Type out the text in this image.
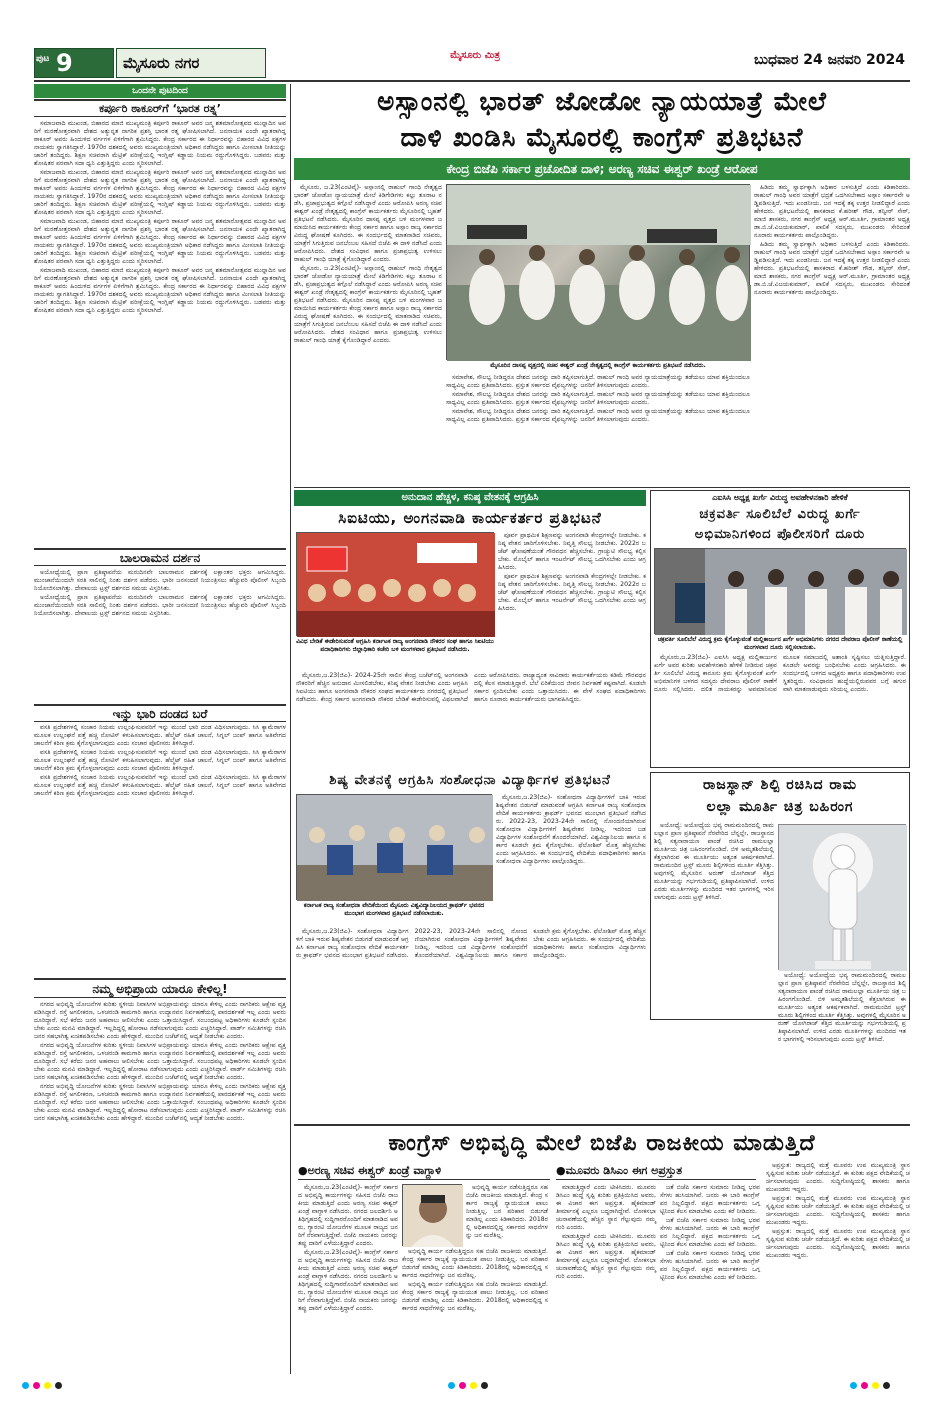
ಪುಟ 9	ಮೈಸೂರು ನಗರ	ಮೈಸೂರು ಮಿತ್ರ	ಬುಧವಾರ 24 ಜನವರಿ 2024
ಒಂದನೇ ಪುಟದಿಂದ
ಕರ್ಪೂರಿ ಠಾಕೂರ್‌ಗೆ ‘ಭಾರತ ರತ್ನ’

ಸಮಾಜವಾದಿ ಮುಖಂಡ, ಬಿಹಾರದ ಮಾಜಿ ಮುಖ್ಯಮಂತ್ರಿ ಕರ್ಪೂರಿ ಠಾಕೂರ್ ಅವರ ಜನ್ಮ ಶತಮಾನೋತ್ಸವದ ಮುನ್ನಾದಿನ ಅವರಿಗೆ ಮರಣೋತ್ತರವಾಗಿ ದೇಶದ ಅತ್ಯುನ್ನತ ನಾಗರಿಕ ಪ್ರಶಸ್ತಿ ಭಾರತ ರತ್ನ ಘೋಷಿಸಲಾಗಿದೆ. ಜನನಾಯಕ ಎಂದೇ ಖ್ಯಾತರಾಗಿದ್ದ ಠಾಕೂರ್ ಅವರು ಹಿಂದುಳಿದ ವರ್ಗಗಳ ಏಳಿಗೆಗಾಗಿ ಶ್ರಮಿಸಿದ್ದರು. ಕೇಂದ್ರ ಸರ್ಕಾರದ ಈ ನಿರ್ಧಾರವನ್ನು ಬಿಹಾರದ ವಿವಿಧ ಪಕ್ಷಗಳ ನಾಯಕರು ಸ್ವಾಗತಿಸಿದ್ದಾರೆ. 1970ರ ದಶಕದಲ್ಲಿ ಅವರು ಮುಖ್ಯಮಂತ್ರಿಯಾಗಿ ಅಧಿಕಾರ ನಡೆಸಿದ್ದರು ಹಾಗೂ ಮೀಸಲಾತಿ ನೀತಿಯನ್ನು ಜಾರಿಗೆ ತಂದಿದ್ದರು. ಶಿಕ್ಷಣ ಸಚಿವರಾಗಿ ಮೆಟ್ರಿಕ್ ಪರೀಕ್ಷೆಯಲ್ಲಿ ಇಂಗ್ಲಿಷ್ ಕಡ್ಡಾಯ ನಿಯಮ ರದ್ದುಗೊಳಿಸಿದ್ದರು. ಬಡವರು ಮತ್ತು ಶೋಷಿತರ ಪರವಾಗಿ ಸದಾ ಧ್ವನಿ ಎತ್ತುತ್ತಿದ್ದರು ಎಂದು ಸ್ಮರಿಸಲಾಗಿದೆ.

ಸಮಾಜವಾದಿ ಮುಖಂಡ, ಬಿಹಾರದ ಮಾಜಿ ಮುಖ್ಯಮಂತ್ರಿ ಕರ್ಪೂರಿ ಠಾಕೂರ್ ಅವರ ಜನ್ಮ ಶತಮಾನೋತ್ಸವದ ಮುನ್ನಾದಿನ ಅವರಿಗೆ ಮರಣೋತ್ತರವಾಗಿ ದೇಶದ ಅತ್ಯುನ್ನತ ನಾಗರಿಕ ಪ್ರಶಸ್ತಿ ಭಾರತ ರತ್ನ ಘೋಷಿಸಲಾಗಿದೆ. ಜನನಾಯಕ ಎಂದೇ ಖ್ಯಾತರಾಗಿದ್ದ ಠಾಕೂರ್ ಅವರು ಹಿಂದುಳಿದ ವರ್ಗಗಳ ಏಳಿಗೆಗಾಗಿ ಶ್ರಮಿಸಿದ್ದರು. ಕೇಂದ್ರ ಸರ್ಕಾರದ ಈ ನಿರ್ಧಾರವನ್ನು ಬಿಹಾರದ ವಿವಿಧ ಪಕ್ಷಗಳ ನಾಯಕರು ಸ್ವಾಗತಿಸಿದ್ದಾರೆ. 1970ರ ದಶಕದಲ್ಲಿ ಅವರು ಮುಖ್ಯಮಂತ್ರಿಯಾಗಿ ಅಧಿಕಾರ ನಡೆಸಿದ್ದರು ಹಾಗೂ ಮೀಸಲಾತಿ ನೀತಿಯನ್ನು ಜಾರಿಗೆ ತಂದಿದ್ದರು. ಶಿಕ್ಷಣ ಸಚಿವರಾಗಿ ಮೆಟ್ರಿಕ್ ಪರೀಕ್ಷೆಯಲ್ಲಿ ಇಂಗ್ಲಿಷ್ ಕಡ್ಡಾಯ ನಿಯಮ ರದ್ದುಗೊಳಿಸಿದ್ದರು. ಬಡವರು ಮತ್ತು ಶೋಷಿತರ ಪರವಾಗಿ ಸದಾ ಧ್ವನಿ ಎತ್ತುತ್ತಿದ್ದರು ಎಂದು ಸ್ಮರಿಸಲಾಗಿದೆ.

ಸಮಾಜವಾದಿ ಮುಖಂಡ, ಬಿಹಾರದ ಮಾಜಿ ಮುಖ್ಯಮಂತ್ರಿ ಕರ್ಪೂರಿ ಠಾಕೂರ್ ಅವರ ಜನ್ಮ ಶತಮಾನೋತ್ಸವದ ಮುನ್ನಾದಿನ ಅವರಿಗೆ ಮರಣೋತ್ತರವಾಗಿ ದೇಶದ ಅತ್ಯುನ್ನತ ನಾಗರಿಕ ಪ್ರಶಸ್ತಿ ಭಾರತ ರತ್ನ ಘೋಷಿಸಲಾಗಿದೆ. ಜನನಾಯಕ ಎಂದೇ ಖ್ಯಾತರಾಗಿದ್ದ ಠಾಕೂರ್ ಅವರು ಹಿಂದುಳಿದ ವರ್ಗಗಳ ಏಳಿಗೆಗಾಗಿ ಶ್ರಮಿಸಿದ್ದರು. ಕೇಂದ್ರ ಸರ್ಕಾರದ ಈ ನಿರ್ಧಾರವನ್ನು ಬಿಹಾರದ ವಿವಿಧ ಪಕ್ಷಗಳ ನಾಯಕರು ಸ್ವಾಗತಿಸಿದ್ದಾರೆ. 1970ರ ದಶಕದಲ್ಲಿ ಅವರು ಮುಖ್ಯಮಂತ್ರಿಯಾಗಿ ಅಧಿಕಾರ ನಡೆಸಿದ್ದರು ಹಾಗೂ ಮೀಸಲಾತಿ ನೀತಿಯನ್ನು ಜಾರಿಗೆ ತಂದಿದ್ದರು. ಶಿಕ್ಷಣ ಸಚಿವರಾಗಿ ಮೆಟ್ರಿಕ್ ಪರೀಕ್ಷೆಯಲ್ಲಿ ಇಂಗ್ಲಿಷ್ ಕಡ್ಡಾಯ ನಿಯಮ ರದ್ದುಗೊಳಿಸಿದ್ದರು. ಬಡವರು ಮತ್ತು ಶೋಷಿತರ ಪರವಾಗಿ ಸದಾ ಧ್ವನಿ ಎತ್ತುತ್ತಿದ್ದರು ಎಂದು ಸ್ಮರಿಸಲಾಗಿದೆ.

ಸಮಾಜವಾದಿ ಮುಖಂಡ, ಬಿಹಾರದ ಮಾಜಿ ಮುಖ್ಯಮಂತ್ರಿ ಕರ್ಪೂರಿ ಠಾಕೂರ್ ಅವರ ಜನ್ಮ ಶತಮಾನೋತ್ಸವದ ಮುನ್ನಾದಿನ ಅವರಿಗೆ ಮರಣೋತ್ತರವಾಗಿ ದೇಶದ ಅತ್ಯುನ್ನತ ನಾಗರಿಕ ಪ್ರಶಸ್ತಿ ಭಾರತ ರತ್ನ ಘೋಷಿಸಲಾಗಿದೆ. ಜನನಾಯಕ ಎಂದೇ ಖ್ಯಾತರಾಗಿದ್ದ ಠಾಕೂರ್ ಅವರು ಹಿಂದುಳಿದ ವರ್ಗಗಳ ಏಳಿಗೆಗಾಗಿ ಶ್ರಮಿಸಿದ್ದರು. ಕೇಂದ್ರ ಸರ್ಕಾರದ ಈ ನಿರ್ಧಾರವನ್ನು ಬಿಹಾರದ ವಿವಿಧ ಪಕ್ಷಗಳ ನಾಯಕರು ಸ್ವಾಗತಿಸಿದ್ದಾರೆ. 1970ರ ದಶಕದಲ್ಲಿ ಅವರು ಮುಖ್ಯಮಂತ್ರಿಯಾಗಿ ಅಧಿಕಾರ ನಡೆಸಿದ್ದರು ಹಾಗೂ ಮೀಸಲಾತಿ ನೀತಿಯನ್ನು ಜಾರಿಗೆ ತಂದಿದ್ದರು. ಶಿಕ್ಷಣ ಸಚಿವರಾಗಿ ಮೆಟ್ರಿಕ್ ಪರೀಕ್ಷೆಯಲ್ಲಿ ಇಂಗ್ಲಿಷ್ ಕಡ್ಡಾಯ ನಿಯಮ ರದ್ದುಗೊಳಿಸಿದ್ದರು. ಬಡವರು ಮತ್ತು ಶೋಷಿತರ ಪರವಾಗಿ ಸದಾ ಧ್ವನಿ ಎತ್ತುತ್ತಿದ್ದರು ಎಂದು ಸ್ಮರಿಸಲಾಗಿದೆ.

ಬಾಲರಾಮನ ದರ್ಶನ

ಅಯೋಧ್ಯೆಯಲ್ಲಿ ಪ್ರಾಣ ಪ್ರತಿಷ್ಠಾಪನೆಯ ಮರುದಿನವೇ ಬಾಲರಾಮನ ದರ್ಶನಕ್ಕೆ ಲಕ್ಷಾಂತರ ಭಕ್ತರು ಆಗಮಿಸಿದ್ದರು. ಮುಂಜಾನೆಯಿಂದಲೇ ಸರತಿ ಸಾಲಿನಲ್ಲಿ ನಿಂತು ದರ್ಶನ ಪಡೆದರು. ಭಾರೀ ಜನಸಂದಣಿ ನಿಯಂತ್ರಿಸಲು ಹೆಚ್ಚುವರಿ ಪೊಲೀಸ್ ಸಿಬ್ಬಂದಿ ನಿಯೋಜಿಸಲಾಗಿತ್ತು. ದೇವಾಲಯ ಟ್ರಸ್ಟ್ ದರ್ಶನದ ಸಮಯ ವಿಸ್ತರಿಸಿತು.

ಅಯೋಧ್ಯೆಯಲ್ಲಿ ಪ್ರಾಣ ಪ್ರತಿಷ್ಠಾಪನೆಯ ಮರುದಿನವೇ ಬಾಲರಾಮನ ದರ್ಶನಕ್ಕೆ ಲಕ್ಷಾಂತರ ಭಕ್ತರು ಆಗಮಿಸಿದ್ದರು. ಮುಂಜಾನೆಯಿಂದಲೇ ಸರತಿ ಸಾಲಿನಲ್ಲಿ ನಿಂತು ದರ್ಶನ ಪಡೆದರು. ಭಾರೀ ಜನಸಂದಣಿ ನಿಯಂತ್ರಿಸಲು ಹೆಚ್ಚುವರಿ ಪೊಲೀಸ್ ಸಿಬ್ಬಂದಿ ನಿಯೋಜಿಸಲಾಗಿತ್ತು. ದೇವಾಲಯ ಟ್ರಸ್ಟ್ ದರ್ಶನದ ಸಮಯ ವಿಸ್ತರಿಸಿತು.

ಇನ್ನು ಭಾರಿ ದಂಡದ ಬರೆ

ವಸತಿ ಪ್ರದೇಶಗಳಲ್ಲಿ ಸಂಚಾರ ನಿಯಮ ಉಲ್ಲಂಘಿಸುವವರಿಗೆ ಇನ್ನು ಮುಂದೆ ಭಾರಿ ದಂಡ ವಿಧಿಸಲಾಗುವುದು. ಸಿಸಿ ಕ್ಯಾಮೆರಾಗಳ ಮೂಲಕ ಉಲ್ಲಂಘನೆ ಪತ್ತೆ ಹಚ್ಚಿ ನೋಟಿಸ್ ಕಳುಹಿಸಲಾಗುವುದು. ಹೆಲ್ಮೆಟ್ ರಹಿತ ಚಾಲನೆ, ಸಿಗ್ನಲ್ ಜಂಪ್ ಹಾಗೂ ಅತಿವೇಗದ ಚಾಲನೆಗೆ ಕಠಿಣ ಕ್ರಮ ಕೈಗೊಳ್ಳಲಾಗುವುದು ಎಂದು ಸಂಚಾರ ಪೊಲೀಸರು ತಿಳಿಸಿದ್ದಾರೆ.

ವಸತಿ ಪ್ರದೇಶಗಳಲ್ಲಿ ಸಂಚಾರ ನಿಯಮ ಉಲ್ಲಂಘಿಸುವವರಿಗೆ ಇನ್ನು ಮುಂದೆ ಭಾರಿ ದಂಡ ವಿಧಿಸಲಾಗುವುದು. ಸಿಸಿ ಕ್ಯಾಮೆರಾಗಳ ಮೂಲಕ ಉಲ್ಲಂಘನೆ ಪತ್ತೆ ಹಚ್ಚಿ ನೋಟಿಸ್ ಕಳುಹಿಸಲಾಗುವುದು. ಹೆಲ್ಮೆಟ್ ರಹಿತ ಚಾಲನೆ, ಸಿಗ್ನಲ್ ಜಂಪ್ ಹಾಗೂ ಅತಿವೇಗದ ಚಾಲನೆಗೆ ಕಠಿಣ ಕ್ರಮ ಕೈಗೊಳ್ಳಲಾಗುವುದು ಎಂದು ಸಂಚಾರ ಪೊಲೀಸರು ತಿಳಿಸಿದ್ದಾರೆ.

ವಸತಿ ಪ್ರದೇಶಗಳಲ್ಲಿ ಸಂಚಾರ ನಿಯಮ ಉಲ್ಲಂಘಿಸುವವರಿಗೆ ಇನ್ನು ಮುಂದೆ ಭಾರಿ ದಂಡ ವಿಧಿಸಲಾಗುವುದು. ಸಿಸಿ ಕ್ಯಾಮೆರಾಗಳ ಮೂಲಕ ಉಲ್ಲಂಘನೆ ಪತ್ತೆ ಹಚ್ಚಿ ನೋಟಿಸ್ ಕಳುಹಿಸಲಾಗುವುದು. ಹೆಲ್ಮೆಟ್ ರಹಿತ ಚಾಲನೆ, ಸಿಗ್ನಲ್ ಜಂಪ್ ಹಾಗೂ ಅತಿವೇಗದ ಚಾಲನೆಗೆ ಕಠಿಣ ಕ್ರಮ ಕೈಗೊಳ್ಳಲಾಗುವುದು ಎಂದು ಸಂಚಾರ ಪೊಲೀಸರು ತಿಳಿಸಿದ್ದಾರೆ.

ನಮ್ಮ ಅಭಿಪ್ರಾಯ ಯಾರೂ ಕೇಳಿಲ್ಲ!

ನಗರದ ಅಭಿವೃದ್ಧಿ ಯೋಜನೆಗಳ ಕುರಿತು ಸ್ಥಳೀಯ ನಿವಾಸಿಗಳ ಅಭಿಪ್ರಾಯವನ್ನು ಯಾರೂ ಕೇಳಿಲ್ಲ ಎಂದು ನಾಗರಿಕರು ಆಕ್ಷೇಪ ವ್ಯಕ್ತಪಡಿಸಿದ್ದಾರೆ. ರಸ್ತೆ ಅಗಲೀಕರಣ, ಒಳಚರಂಡಿ ಕಾಮಗಾರಿ ಹಾಗೂ ಉದ್ಯಾನವನ ನಿರ್ವಹಣೆಯಲ್ಲಿ ಪಾರದರ್ಶಕತೆ ಇಲ್ಲ ಎಂದು ಅವರು ದೂರಿದ್ದಾರೆ. ಸಭೆ ಕರೆದು ಜನರ ಅಹವಾಲು ಆಲಿಸಬೇಕು ಎಂದು ಒತ್ತಾಯಿಸಿದ್ದಾರೆ. ಸಂಬಂಧಪಟ್ಟ ಅಧಿಕಾರಿಗಳು ಕೂಡಲೇ ಸ್ಪಂದಿಸಬೇಕು ಎಂದು ಮನವಿ ಮಾಡಿದ್ದಾರೆ. ಇಲ್ಲದಿದ್ದಲ್ಲಿ ಹೋರಾಟ ನಡೆಸಲಾಗುವುದು ಎಂದು ಎಚ್ಚರಿಸಿದ್ದಾರೆ. ವಾರ್ಡ್ ಸಮಿತಿಗಳನ್ನು ರಚಿಸಿ ಜನರ ಸಹಭಾಗಿತ್ವ ಖಚಿತಪಡಿಸಬೇಕು ಎಂದು ಹೇಳಿದ್ದಾರೆ. ಮುಂದಿನ ಬಜೆಟ್‌ನಲ್ಲಿ ಆದ್ಯತೆ ನೀಡಬೇಕು ಎಂದರು.

ನಗರದ ಅಭಿವೃದ್ಧಿ ಯೋಜನೆಗಳ ಕುರಿತು ಸ್ಥಳೀಯ ನಿವಾಸಿಗಳ ಅಭಿಪ್ರಾಯವನ್ನು ಯಾರೂ ಕೇಳಿಲ್ಲ ಎಂದು ನಾಗರಿಕರು ಆಕ್ಷೇಪ ವ್ಯಕ್ತಪಡಿಸಿದ್ದಾರೆ. ರಸ್ತೆ ಅಗಲೀಕರಣ, ಒಳಚರಂಡಿ ಕಾಮಗಾರಿ ಹಾಗೂ ಉದ್ಯಾನವನ ನಿರ್ವಹಣೆಯಲ್ಲಿ ಪಾರದರ್ಶಕತೆ ಇಲ್ಲ ಎಂದು ಅವರು ದೂರಿದ್ದಾರೆ. ಸಭೆ ಕರೆದು ಜನರ ಅಹವಾಲು ಆಲಿಸಬೇಕು ಎಂದು ಒತ್ತಾಯಿಸಿದ್ದಾರೆ. ಸಂಬಂಧಪಟ್ಟ ಅಧಿಕಾರಿಗಳು ಕೂಡಲೇ ಸ್ಪಂದಿಸಬೇಕು ಎಂದು ಮನವಿ ಮಾಡಿದ್ದಾರೆ. ಇಲ್ಲದಿದ್ದಲ್ಲಿ ಹೋರಾಟ ನಡೆಸಲಾಗುವುದು ಎಂದು ಎಚ್ಚರಿಸಿದ್ದಾರೆ. ವಾರ್ಡ್ ಸಮಿತಿಗಳನ್ನು ರಚಿಸಿ ಜನರ ಸಹಭಾಗಿತ್ವ ಖಚಿತಪಡಿಸಬೇಕು ಎಂದು ಹೇಳಿದ್ದಾರೆ. ಮುಂದಿನ ಬಜೆಟ್‌ನಲ್ಲಿ ಆದ್ಯತೆ ನೀಡಬೇಕು ಎಂದರು.

ನಗರದ ಅಭಿವೃದ್ಧಿ ಯೋಜನೆಗಳ ಕುರಿತು ಸ್ಥಳೀಯ ನಿವಾಸಿಗಳ ಅಭಿಪ್ರಾಯವನ್ನು ಯಾರೂ ಕೇಳಿಲ್ಲ ಎಂದು ನಾಗರಿಕರು ಆಕ್ಷೇಪ ವ್ಯಕ್ತಪಡಿಸಿದ್ದಾರೆ. ರಸ್ತೆ ಅಗಲೀಕರಣ, ಒಳಚರಂಡಿ ಕಾಮಗಾರಿ ಹಾಗೂ ಉದ್ಯಾನವನ ನಿರ್ವಹಣೆಯಲ್ಲಿ ಪಾರದರ್ಶಕತೆ ಇಲ್ಲ ಎಂದು ಅವರು ದೂರಿದ್ದಾರೆ. ಸಭೆ ಕರೆದು ಜನರ ಅಹವಾಲು ಆಲಿಸಬೇಕು ಎಂದು ಒತ್ತಾಯಿಸಿದ್ದಾರೆ. ಸಂಬಂಧಪಟ್ಟ ಅಧಿಕಾರಿಗಳು ಕೂಡಲೇ ಸ್ಪಂದಿಸಬೇಕು ಎಂದು ಮನವಿ ಮಾಡಿದ್ದಾರೆ. ಇಲ್ಲದಿದ್ದಲ್ಲಿ ಹೋರಾಟ ನಡೆಸಲಾಗುವುದು ಎಂದು ಎಚ್ಚರಿಸಿದ್ದಾರೆ. ವಾರ್ಡ್ ಸಮಿತಿಗಳನ್ನು ರಚಿಸಿ ಜನರ ಸಹಭಾಗಿತ್ವ ಖಚಿತಪಡಿಸಬೇಕು ಎಂದು ಹೇಳಿದ್ದಾರೆ. ಮುಂದಿನ ಬಜೆಟ್‌ನಲ್ಲಿ ಆದ್ಯತೆ ನೀಡಬೇಕು ಎಂದರು.

ಅಸ್ಸಾಂನಲ್ಲಿ ಭಾರತ್ ಜೋಡೋ ನ್ಯಾಯಯಾತ್ರೆ ಮೇಲೆ
ದಾಳಿ ಖಂಡಿಸಿ ಮೈಸೂರಲ್ಲಿ ಕಾಂಗ್ರೆಸ್ ಪ್ರತಿಭಟನೆ
ಕೇಂದ್ರ ಬಿಜೆಪಿ ಸರ್ಕಾರ ಪ್ರಚೋದಿತ ದಾಳಿ; ಅರಣ್ಯ ಸಚಿವ ಈಶ್ವರ್ ಖಂಡ್ರೆ ಆರೋಪ

ಮೈಸೂರು, ಜ.23(ಎಂಟಿವೈ)- ಅಸ್ಸಾಂನಲ್ಲಿ ರಾಹುಲ್ ಗಾಂಧಿ ನೇತೃತ್ವದ ಭಾರತ್ ಜೋಡೋ ನ್ಯಾಯಯಾತ್ರೆ ಮೇಲೆ ಕಿಡಿಗೇಡಿಗಳು ಕಲ್ಲು ತೂರಾಟ ನಡೆಸಿ, ಪ್ರಜಾಪ್ರಭುತ್ವದ ಕಗ್ಗೊಲೆ ನಡೆಸಿದ್ದಾರೆ ಎಂದು ಆರೋಪಿಸಿ ಅರಣ್ಯ ಸಚಿವ ಈಶ್ವರ್ ಖಂಡ್ರೆ ನೇತೃತ್ವದಲ್ಲಿ ಕಾಂಗ್ರೆಸ್ ಕಾರ್ಯಕರ್ತರು ಮೈಸೂರಿನಲ್ಲಿ ಬೃಹತ್ ಪ್ರತಿಭಟನೆ ನಡೆಸಿದರು. ಮೈಸೂರಿನ ದಾಸಪ್ಪ ವೃತ್ತದ ಬಳಿ ಮಂಗಳವಾರ ಜಮಾಯಿಸಿದ ಕಾರ್ಯಕರ್ತರು ಕೇಂದ್ರ ಸರ್ಕಾರ ಹಾಗೂ ಅಸ್ಸಾಂ ರಾಜ್ಯ ಸರ್ಕಾರದ ವಿರುದ್ಧ ಘೋಷಣೆ ಕೂಗಿದರು. ಈ ಸಂದರ್ಭದಲ್ಲಿ ಮಾತನಾಡಿದ ಸಚಿವರು, ಯಾತ್ರೆಗೆ ಸಿಗುತ್ತಿರುವ ಜನಬೆಂಬಲ ಸಹಿಸದೆ ಬಿಜೆಪಿ ಈ ದಾಳಿ ನಡೆಸಿದೆ ಎಂದು ಆರೋಪಿಸಿದರು. ದೇಶದ ಸಂವಿಧಾನ ಹಾಗೂ ಪ್ರಜಾಪ್ರಭುತ್ವ ಉಳಿಸಲು ರಾಹುಲ್ ಗಾಂಧಿ ಯಾತ್ರೆ ಕೈಗೊಂಡಿದ್ದಾರೆ ಎಂದರು.

ಮೈಸೂರು, ಜ.23(ಎಂಟಿವೈ)- ಅಸ್ಸಾಂನಲ್ಲಿ ರಾಹುಲ್ ಗಾಂಧಿ ನೇತೃತ್ವದ ಭಾರತ್ ಜೋಡೋ ನ್ಯಾಯಯಾತ್ರೆ ಮೇಲೆ ಕಿಡಿಗೇಡಿಗಳು ಕಲ್ಲು ತೂರಾಟ ನಡೆಸಿ, ಪ್ರಜಾಪ್ರಭುತ್ವದ ಕಗ್ಗೊಲೆ ನಡೆಸಿದ್ದಾರೆ ಎಂದು ಆರೋಪಿಸಿ ಅರಣ್ಯ ಸಚಿವ ಈಶ್ವರ್ ಖಂಡ್ರೆ ನೇತೃತ್ವದಲ್ಲಿ ಕಾಂಗ್ರೆಸ್ ಕಾರ್ಯಕರ್ತರು ಮೈಸೂರಿನಲ್ಲಿ ಬೃಹತ್ ಪ್ರತಿಭಟನೆ ನಡೆಸಿದರು. ಮೈಸೂರಿನ ದಾಸಪ್ಪ ವೃತ್ತದ ಬಳಿ ಮಂಗಳವಾರ ಜಮಾಯಿಸಿದ ಕಾರ್ಯಕರ್ತರು ಕೇಂದ್ರ ಸರ್ಕಾರ ಹಾಗೂ ಅಸ್ಸಾಂ ರಾಜ್ಯ ಸರ್ಕಾರದ ವಿರುದ್ಧ ಘೋಷಣೆ ಕೂಗಿದರು. ಈ ಸಂದರ್ಭದಲ್ಲಿ ಮಾತನಾಡಿದ ಸಚಿವರು, ಯಾತ್ರೆಗೆ ಸಿಗುತ್ತಿರುವ ಜನಬೆಂಬಲ ಸಹಿಸದೆ ಬಿಜೆಪಿ ಈ ದಾಳಿ ನಡೆಸಿದೆ ಎಂದು ಆರೋಪಿಸಿದರು. ದೇಶದ ಸಂವಿಧಾನ ಹಾಗೂ ಪ್ರಜಾಪ್ರಭುತ್ವ ಉಳಿಸಲು ರಾಹುಲ್ ಗಾಂಧಿ ಯಾತ್ರೆ ಕೈಗೊಂಡಿದ್ದಾರೆ ಎಂದರು.

ಮೈಸೂರಿನ ದಾಸಪ್ಪ ವೃತ್ತದಲ್ಲಿ ಸಚಿವ ಈಶ್ವರ್ ಖಂಡ್ರೆ ನೇತೃತ್ವದಲ್ಲಿ ಕಾಂಗ್ರೆಸ್ ಕಾರ್ಯಕರ್ತರು ಪ್ರತಿಭಟನೆ ನಡೆಸಿದರು.

ಸಮಾವೇಶ, ಸೌಲಭ್ಯ ನೀಡಿದ್ದರೂ ದೇಶದ ಜನರನ್ನು ದಾರಿ ತಪ್ಪಿಸಲಾಗುತ್ತಿದೆ. ರಾಹುಲ್ ಗಾಂಧಿ ಅವರ ನ್ಯಾಯಯಾತ್ರೆಯನ್ನು ತಡೆಯಲು ಯಾವ ಶಕ್ತಿಯಿಂದಲೂ ಸಾಧ್ಯವಿಲ್ಲ ಎಂದು ಪ್ರತಿಪಾದಿಸಿದರು. ಪ್ರಸ್ತುತ ಸರ್ಕಾರದ ವೈಫಲ್ಯಗಳನ್ನು ಜನರಿಗೆ ತಿಳಿಸಲಾಗುವುದು ಎಂದರು.

ಸಮಾವೇಶ, ಸೌಲಭ್ಯ ನೀಡಿದ್ದರೂ ದೇಶದ ಜನರನ್ನು ದಾರಿ ತಪ್ಪಿಸಲಾಗುತ್ತಿದೆ. ರಾಹುಲ್ ಗಾಂಧಿ ಅವರ ನ್ಯಾಯಯಾತ್ರೆಯನ್ನು ತಡೆಯಲು ಯಾವ ಶಕ್ತಿಯಿಂದಲೂ ಸಾಧ್ಯವಿಲ್ಲ ಎಂದು ಪ್ರತಿಪಾದಿಸಿದರು. ಪ್ರಸ್ತುತ ಸರ್ಕಾರದ ವೈಫಲ್ಯಗಳನ್ನು ಜನರಿಗೆ ತಿಳಿಸಲಾಗುವುದು ಎಂದರು.

ಸಮಾವೇಶ, ಸೌಲಭ್ಯ ನೀಡಿದ್ದರೂ ದೇಶದ ಜನರನ್ನು ದಾರಿ ತಪ್ಪಿಸಲಾಗುತ್ತಿದೆ. ರಾಹುಲ್ ಗಾಂಧಿ ಅವರ ನ್ಯಾಯಯಾತ್ರೆಯನ್ನು ತಡೆಯಲು ಯಾವ ಶಕ್ತಿಯಿಂದಲೂ ಸಾಧ್ಯವಿಲ್ಲ ಎಂದು ಪ್ರತಿಪಾದಿಸಿದರು. ಪ್ರಸ್ತುತ ಸರ್ಕಾರದ ವೈಫಲ್ಯಗಳನ್ನು ಜನರಿಗೆ ತಿಳಿಸಲಾಗುವುದು ಎಂದರು.

ಹಿಡಿದು ತಮ್ಮ ಸ್ವಾರ್ಥಕ್ಕಾಗಿ ಅಧಿಕಾರ ಬಳಸುತ್ತಿದೆ ಎಂದು ಕಿಡಿಕಾರಿದರು. ರಾಹುಲ್ ಗಾಂಧಿ ಅವರ ಯಾತ್ರೆಗೆ ಭದ್ರತೆ ಒದಗಿಸಬೇಕಾದ ಅಸ್ಸಾಂ ಸರ್ಕಾರವೇ ಅಡ್ಡಿಪಡಿಸುತ್ತಿದೆ. ಇದು ಖಂಡನೀಯ. ಜನ ಇದಕ್ಕೆ ತಕ್ಕ ಉತ್ತರ ನೀಡಲಿದ್ದಾರೆ ಎಂದು ಹೇಳಿದರು. ಪ್ರತಿಭಟನೆಯಲ್ಲಿ ಶಾಸಕರಾದ ಕೆ.ಹರೀಶ್ ಗೌಡ, ತನ್ವೀರ್ ಸೇಠ್, ಮಾಜಿ ಶಾಸಕರು, ನಗರ ಕಾಂಗ್ರೆಸ್ ಅಧ್ಯಕ್ಷ ಆರ್.ಮೂರ್ತಿ, ಗ್ರಾಮಾಂತರ ಅಧ್ಯಕ್ಷ ಡಾ.ಬಿ.ಜೆ.ವಿಜಯಕುಮಾರ್, ಪಾಲಿಕೆ ಸದಸ್ಯರು, ಮುಖಂಡರು ಸೇರಿದಂತೆ ನೂರಾರು ಕಾರ್ಯಕರ್ತರು ಪಾಲ್ಗೊಂಡಿದ್ದರು.

ಹಿಡಿದು ತಮ್ಮ ಸ್ವಾರ್ಥಕ್ಕಾಗಿ ಅಧಿಕಾರ ಬಳಸುತ್ತಿದೆ ಎಂದು ಕಿಡಿಕಾರಿದರು. ರಾಹುಲ್ ಗಾಂಧಿ ಅವರ ಯಾತ್ರೆಗೆ ಭದ್ರತೆ ಒದಗಿಸಬೇಕಾದ ಅಸ್ಸಾಂ ಸರ್ಕಾರವೇ ಅಡ್ಡಿಪಡಿಸುತ್ತಿದೆ. ಇದು ಖಂಡನೀಯ. ಜನ ಇದಕ್ಕೆ ತಕ್ಕ ಉತ್ತರ ನೀಡಲಿದ್ದಾರೆ ಎಂದು ಹೇಳಿದರು. ಪ್ರತಿಭಟನೆಯಲ್ಲಿ ಶಾಸಕರಾದ ಕೆ.ಹರೀಶ್ ಗೌಡ, ತನ್ವೀರ್ ಸೇಠ್, ಮಾಜಿ ಶಾಸಕರು, ನಗರ ಕಾಂಗ್ರೆಸ್ ಅಧ್ಯಕ್ಷ ಆರ್.ಮೂರ್ತಿ, ಗ್ರಾಮಾಂತರ ಅಧ್ಯಕ್ಷ ಡಾ.ಬಿ.ಜೆ.ವಿಜಯಕುಮಾರ್, ಪಾಲಿಕೆ ಸದಸ್ಯರು, ಮುಖಂಡರು ಸೇರಿದಂತೆ ನೂರಾರು ಕಾರ್ಯಕರ್ತರು ಪಾಲ್ಗೊಂಡಿದ್ದರು.

ಅನುದಾನ ಹೆಚ್ಚಳ, ಕನಿಷ್ಠ ವೇತನಕ್ಕೆ ಆಗ್ರಹಿಸಿ
ಸಿಐಟಿಯು, ಅಂಗನವಾಡಿ ಕಾರ್ಯಕರ್ತರ ಪ್ರತಿಭಟನೆ
ವಿವಿಧ ಬೇಡಿಕೆ ಈಡೇರಿಸುವಂತೆ ಆಗ್ರಹಿಸಿ ಕರ್ನಾಟಕ ರಾಜ್ಯ ಅಂಗನವಾಡಿ ನೌಕರರ ಸಂಘ ಹಾಗೂ ಸಿಐಟಿಯು ಪದಾಧಿಕಾರಿಗಳು ಜಿಲ್ಲಾಧಿಕಾರಿ ಕಚೇರಿ ಬಳಿ ಮಂಗಳವಾರ ಪ್ರತಿಭಟನೆ ನಡೆಸಿದರು.

ಪೂರ್ವ ಪ್ರಾಥಮಿಕ ಶಿಕ್ಷಣವನ್ನು ಅಂಗನವಾಡಿ ಕೇಂದ್ರಗಳಲ್ಲೇ ನೀಡಬೇಕು. ಕನಿಷ್ಠ ವೇತನ ಜಾರಿಗೊಳಿಸಬೇಕು. ನಿವೃತ್ತಿ ಸೌಲಭ್ಯ ನೀಡಬೇಕು. 2022ರ ಬಜೆಟ್ ಘೋಷಣೆಯಂತೆ ಗೌರವಧನ ಹೆಚ್ಚಿಸಬೇಕು. ಗ್ರಾಚ್ಯುಟಿ ಸೌಲಭ್ಯ ಕಲ್ಪಿಸಬೇಕು. ಮೊಬೈಲ್ ಹಾಗೂ ಇಂಟರ್ನೆಟ್ ಸೌಲಭ್ಯ ಒದಗಿಸಬೇಕು ಎಂದು ಆಗ್ರಹಿಸಿದರು.

ಪೂರ್ವ ಪ್ರಾಥಮಿಕ ಶಿಕ್ಷಣವನ್ನು ಅಂಗನವಾಡಿ ಕೇಂದ್ರಗಳಲ್ಲೇ ನೀಡಬೇಕು. ಕನಿಷ್ಠ ವೇತನ ಜಾರಿಗೊಳಿಸಬೇಕು. ನಿವೃತ್ತಿ ಸೌಲಭ್ಯ ನೀಡಬೇಕು. 2022ರ ಬಜೆಟ್ ಘೋಷಣೆಯಂತೆ ಗೌರವಧನ ಹೆಚ್ಚಿಸಬೇಕು. ಗ್ರಾಚ್ಯುಟಿ ಸೌಲಭ್ಯ ಕಲ್ಪಿಸಬೇಕು. ಮೊಬೈಲ್ ಹಾಗೂ ಇಂಟರ್ನೆಟ್ ಸೌಲಭ್ಯ ಒದಗಿಸಬೇಕು ಎಂದು ಆಗ್ರಹಿಸಿದರು.

ಮೈಸೂರು,ಜ.23(ಜಿಎ)- 2024-25ನೇ ಸಾಲಿನ ಕೇಂದ್ರ ಬಜೆಟ್‌ನಲ್ಲಿ ಅಂಗನವಾಡಿ ನೌಕರರಿಗೆ ಹೆಚ್ಚಿನ ಅನುದಾನ ಮೀಸಲಿಡಬೇಕು, ಕನಿಷ್ಠ ವೇತನ ನೀಡಬೇಕು ಎಂದು ಆಗ್ರಹಿಸಿ ಸಿಐಟಿಯು ಹಾಗೂ ಅಂಗನವಾಡಿ ನೌಕರರ ಸಂಘದ ಕಾರ್ಯಕರ್ತರು ನಗರದಲ್ಲಿ ಪ್ರತಿಭಟನೆ ನಡೆಸಿದರು. ಕೇಂದ್ರ ಸರ್ಕಾರ ಅಂಗನವಾಡಿ ನೌಕರರ ಬೇಡಿಕೆ ಈಡೇರಿಸುವಲ್ಲಿ ವಿಫಲವಾಗಿದೆ ಎಂದು ಆರೋಪಿಸಿದರು. ರಾಜ್ಯಾದ್ಯಂತ ಸಾವಿರಾರು ಕಾರ್ಯಕರ್ತೆಯರು ಕಡಿಮೆ ಗೌರವಧನದಲ್ಲಿ ಕೆಲಸ ಮಾಡುತ್ತಿದ್ದಾರೆ. ಬೆಲೆ ಏರಿಕೆಯಿಂದ ಜೀವನ ನಿರ್ವಹಣೆ ಕಷ್ಟವಾಗಿದೆ. ಕೂಡಲೇ ಸರ್ಕಾರ ಸ್ಪಂದಿಸಬೇಕು ಎಂದು ಒತ್ತಾಯಿಸಿದರು. ಈ ವೇಳೆ ಸಂಘದ ಪದಾಧಿಕಾರಿಗಳು ಹಾಗೂ ನೂರಾರು ಕಾರ್ಯಕರ್ತೆಯರು ಭಾಗವಹಿಸಿದ್ದರು.

ಎಐಸಿಸಿ ಅಧ್ಯಕ್ಷ ಖರ್ಗೆ ವಿರುದ್ಧ ಅವಹೇಳನಕಾರಿ ಹೇಳಿಕೆ
ಚಕ್ರವರ್ತಿ ಸೂಲಿಬೆಲೆ ವಿರುದ್ಧ ಖರ್ಗೆ
ಅಭಿಮಾನಿಗಳಿಂದ ಪೊಲೀಸರಿಗೆ ದೂರು
ಚಕ್ರವರ್ತಿ ಸೂಲಿಬೆಲೆ ವಿರುದ್ಧ ಕ್ರಮ ಕೈಗೊಳ್ಳುವಂತೆ ಮಲ್ಲಿಕಾರ್ಜುನ ಖರ್ಗೆ ಅಭಿಮಾನಿಗಳು ನಗರದ ದೇವರಾಜ ಪೊಲೀಸ್ ಠಾಣೆಯಲ್ಲಿ ಮಂಗಳವಾರ ದೂರು ಸಲ್ಲಿಸಲಾಯಿತು.

ಮೈಸೂರು,ಜ.23(ಜಿಎ)- ಎಐಸಿಸಿ ಅಧ್ಯಕ್ಷ ಮಲ್ಲಿಕಾರ್ಜುನ ಖರ್ಗೆ ಅವರ ಕುರಿತು ಅವಹೇಳನಕಾರಿ ಹೇಳಿಕೆ ನೀಡಿರುವ ಚಕ್ರವರ್ತಿ ಸೂಲಿಬೆಲೆ ವಿರುದ್ಧ ಕಾನೂನು ಕ್ರಮ ಕೈಗೊಳ್ಳುವಂತೆ ಖರ್ಗೆ ಅಭಿಮಾನಿಗಳ ಬಳಗದ ಸದಸ್ಯರು ದೇವರಾಜ ಪೊಲೀಸ್ ಠಾಣೆಗೆ ದೂರು ಸಲ್ಲಿಸಿದರು. ದಲಿತ ನಾಯಕರನ್ನು ಅವಮಾನಿಸುವ ಮೂಲಕ ಸಮಾಜದಲ್ಲಿ ಅಶಾಂತಿ ಸೃಷ್ಟಿಸಲು ಯತ್ನಿಸುತ್ತಿದ್ದಾರೆ. ಕೂಡಲೇ ಅವರನ್ನು ಬಂಧಿಸಬೇಕು ಎಂದು ಆಗ್ರಹಿಸಿದರು. ಈ ಸಂದರ್ಭದಲ್ಲಿ ಬಳಗದ ಅಧ್ಯಕ್ಷರು ಹಾಗೂ ಪದಾಧಿಕಾರಿಗಳು ಉಪಸ್ಥಿತರಿದ್ದರು. ಸಂವಿಧಾನದ ಹುದ್ದೆಯಲ್ಲಿರುವವರ ಬಗ್ಗೆ ಹಗುರವಾಗಿ ಮಾತನಾಡುವುದು ಸರಿಯಲ್ಲ ಎಂದರು.

ಶಿಷ್ಯ ವೇತನಕ್ಕೆ ಆಗ್ರಹಿಸಿ ಸಂಶೋಧನಾ ವಿದ್ಯಾರ್ಥಿಗಳ ಪ್ರತಿಭಟನೆ
ಕರ್ನಾಟಕ ರಾಜ್ಯ ಸಂಶೋಧನಾ ವೇದಿಕೆಯಿಂದ ಮೈಸೂರು ವಿಶ್ವವಿದ್ಯಾನಿಲಯದ ಕ್ರಾಫರ್ಡ್ ಭವನದ ಮುಂಭಾಗ ಮಂಗಳವಾರ ಪ್ರತಿಭಟನೆ ನಡೆಸಲಾಯಿತು.

ಮೈಸೂರು,ಜ.23(ಜಿಎ)- ಸಂಶೋಧನಾ ವಿದ್ಯಾರ್ಥಿಗಳಿಗೆ ಬಾಕಿ ಇರುವ ಶಿಷ್ಯವೇತನ ಬಿಡುಗಡೆ ಮಾಡುವಂತೆ ಆಗ್ರಹಿಸಿ ಕರ್ನಾಟಕ ರಾಜ್ಯ ಸಂಶೋಧನಾ ವೇದಿಕೆ ಕಾರ್ಯಕರ್ತರು ಕ್ರಾಫರ್ಡ್ ಭವನದ ಮುಂಭಾಗ ಪ್ರತಿಭಟನೆ ನಡೆಸಿದರು. 2022-23, 2023-24ನೇ ಸಾಲಿನಲ್ಲಿ ನೋಂದಣಿಯಾಗಿರುವ ಸಂಶೋಧನಾ ವಿದ್ಯಾರ್ಥಿಗಳಿಗೆ ಶಿಷ್ಯವೇತನ ನೀಡಿಲ್ಲ. ಇದರಿಂದ ಬಡ ವಿದ್ಯಾರ್ಥಿಗಳ ಸಂಶೋಧನೆಗೆ ತೊಂದರೆಯಾಗಿದೆ. ವಿಶ್ವವಿದ್ಯಾನಿಲಯ ಹಾಗೂ ಸರ್ಕಾರ ಕೂಡಲೇ ಕ್ರಮ ಕೈಗೊಳ್ಳಬೇಕು. ಫೆಲೋಶಿಪ್ ಮೊತ್ತ ಹೆಚ್ಚಿಸಬೇಕು ಎಂದು ಆಗ್ರಹಿಸಿದರು. ಈ ಸಂದರ್ಭದಲ್ಲಿ ವೇದಿಕೆಯ ಪದಾಧಿಕಾರಿಗಳು ಹಾಗೂ ಸಂಶೋಧನಾ ವಿದ್ಯಾರ್ಥಿಗಳು ಪಾಲ್ಗೊಂಡಿದ್ದರು.

ಮೈಸೂರು,ಜ.23(ಜಿಎ)- ಸಂಶೋಧನಾ ವಿದ್ಯಾರ್ಥಿಗಳಿಗೆ ಬಾಕಿ ಇರುವ ಶಿಷ್ಯವೇತನ ಬಿಡುಗಡೆ ಮಾಡುವಂತೆ ಆಗ್ರಹಿಸಿ ಕರ್ನಾಟಕ ರಾಜ್ಯ ಸಂಶೋಧನಾ ವೇದಿಕೆ ಕಾರ್ಯಕರ್ತರು ಕ್ರಾಫರ್ಡ್ ಭವನದ ಮುಂಭಾಗ ಪ್ರತಿಭಟನೆ ನಡೆಸಿದರು. 2022-23, 2023-24ನೇ ಸಾಲಿನಲ್ಲಿ ನೋಂದಣಿಯಾಗಿರುವ ಸಂಶೋಧನಾ ವಿದ್ಯಾರ್ಥಿಗಳಿಗೆ ಶಿಷ್ಯವೇತನ ನೀಡಿಲ್ಲ. ಇದರಿಂದ ಬಡ ವಿದ್ಯಾರ್ಥಿಗಳ ಸಂಶೋಧನೆಗೆ ತೊಂದರೆಯಾಗಿದೆ. ವಿಶ್ವವಿದ್ಯಾನಿಲಯ ಹಾಗೂ ಸರ್ಕಾರ ಕೂಡಲೇ ಕ್ರಮ ಕೈಗೊಳ್ಳಬೇಕು. ಫೆಲೋಶಿಪ್ ಮೊತ್ತ ಹೆಚ್ಚಿಸಬೇಕು ಎಂದು ಆಗ್ರಹಿಸಿದರು. ಈ ಸಂದರ್ಭದಲ್ಲಿ ವೇದಿಕೆಯ ಪದಾಧಿಕಾರಿಗಳು ಹಾಗೂ ಸಂಶೋಧನಾ ವಿದ್ಯಾರ್ಥಿಗಳು ಪಾಲ್ಗೊಂಡಿದ್ದರು.

ರಾಜಸ್ಥಾನ್ ಶಿಲ್ಪಿ ರಚಿಸಿದ ರಾಮ
ಲಲ್ಲಾ ಮೂರ್ತಿ ಚಿತ್ರ ಬಹಿರಂಗ

ಅಯೋಧ್ಯೆ: ಅಯೋಧ್ಯೆಯ ಭವ್ಯ ರಾಮಮಂದಿರದಲ್ಲಿ ರಾಮಲಲ್ಲಾನ ಪ್ರಾಣ ಪ್ರತಿಷ್ಠಾಪನೆ ನೆರವೇರಿದ ಬೆನ್ನಲ್ಲೇ, ರಾಜಸ್ಥಾನದ ಶಿಲ್ಪಿ ಸತ್ಯನಾರಾಯಣ ಪಾಂಡೆ ರಚಿಸಿದ ರಾಮಲಲ್ಲಾ ಮೂರ್ತಿಯ ಚಿತ್ರ ಬಹಿರಂಗಗೊಂಡಿದೆ. ಬಿಳಿ ಅಮೃತಶಿಲೆಯಲ್ಲಿ ಕೆತ್ತಲಾಗಿರುವ ಈ ಮೂರ್ತಿಯು ಅತ್ಯಂತ ಆಕರ್ಷಕವಾಗಿದೆ. ರಾಮಮಂದಿರ ಟ್ರಸ್ಟ್ ಮೂರು ಶಿಲ್ಪಿಗಳಿಂದ ಮೂರ್ತಿ ಕೆತ್ತಿಸಿತ್ತು. ಅವುಗಳಲ್ಲಿ ಮೈಸೂರಿನ ಅರುಣ್ ಯೋಗಿರಾಜ್ ಕೆತ್ತಿದ ಮೂರ್ತಿಯನ್ನು ಗರ್ಭಗುಡಿಯಲ್ಲಿ ಪ್ರತಿಷ್ಠಾಪಿಸಲಾಗಿದೆ. ಉಳಿದ ಎರಡು ಮೂರ್ತಿಗಳನ್ನು ಮಂದಿರದ ಇತರ ಭಾಗಗಳಲ್ಲಿ ಇರಿಸಲಾಗುವುದು ಎಂದು ಟ್ರಸ್ಟ್ ತಿಳಿಸಿದೆ.

ಅಯೋಧ್ಯೆ: ಅಯೋಧ್ಯೆಯ ಭವ್ಯ ರಾಮಮಂದಿರದಲ್ಲಿ ರಾಮಲಲ್ಲಾನ ಪ್ರಾಣ ಪ್ರತಿಷ್ಠಾಪನೆ ನೆರವೇರಿದ ಬೆನ್ನಲ್ಲೇ, ರಾಜಸ್ಥಾನದ ಶಿಲ್ಪಿ ಸತ್ಯನಾರಾಯಣ ಪಾಂಡೆ ರಚಿಸಿದ ರಾಮಲಲ್ಲಾ ಮೂರ್ತಿಯ ಚಿತ್ರ ಬಹಿರಂಗಗೊಂಡಿದೆ. ಬಿಳಿ ಅಮೃತಶಿಲೆಯಲ್ಲಿ ಕೆತ್ತಲಾಗಿರುವ ಈ ಮೂರ್ತಿಯು ಅತ್ಯಂತ ಆಕರ್ಷಕವಾಗಿದೆ. ರಾಮಮಂದಿರ ಟ್ರಸ್ಟ್ ಮೂರು ಶಿಲ್ಪಿಗಳಿಂದ ಮೂರ್ತಿ ಕೆತ್ತಿಸಿತ್ತು. ಅವುಗಳಲ್ಲಿ ಮೈಸೂರಿನ ಅರುಣ್ ಯೋಗಿರಾಜ್ ಕೆತ್ತಿದ ಮೂರ್ತಿಯನ್ನು ಗರ್ಭಗುಡಿಯಲ್ಲಿ ಪ್ರತಿಷ್ಠಾಪಿಸಲಾಗಿದೆ. ಉಳಿದ ಎರಡು ಮೂರ್ತಿಗಳನ್ನು ಮಂದಿರದ ಇತರ ಭಾಗಗಳಲ್ಲಿ ಇರಿಸಲಾಗುವುದು ಎಂದು ಟ್ರಸ್ಟ್ ತಿಳಿಸಿದೆ.

ಕಾಂಗ್ರೆಸ್ ಅಭಿವೃದ್ಧಿ ಮೇಲೆ ಬಿಜೆಪಿ ರಾಜಕೀಯ ಮಾಡುತ್ತಿದೆ
●ಅರಣ್ಯ ಸಚಿವ ಈಶ್ವರ್ ಖಂಡ್ರೆ ವಾಗ್ದಾಳಿ	●ಮೂವರು ಡಿಸಿಎಂ ಈಗ ಅಪ್ರಸ್ತುತ

ಮೈಸೂರು,ಜ.23(ಎಂಟಿವೈ)- ಕಾಂಗ್ರೆಸ್ ಸರ್ಕಾರದ ಅಭಿವೃದ್ಧಿ ಕಾರ್ಯಗಳನ್ನು ಸಹಿಸದ ಬಿಜೆಪಿ ರಾಜಕೀಯ ಮಾಡುತ್ತಿದೆ ಎಂದು ಅರಣ್ಯ ಸಚಿವ ಈಶ್ವರ್ ಖಂಡ್ರೆ ವಾಗ್ದಾಳಿ ನಡೆಸಿದರು. ನಗರದ ಜಲದರ್ಶಿನಿ ಅತಿಥಿಗೃಹದಲ್ಲಿ ಸುದ್ದಿಗಾರರೊಂದಿಗೆ ಮಾತನಾಡಿದ ಅವರು, ಗ್ಯಾರಂಟಿ ಯೋಜನೆಗಳ ಮೂಲಕ ರಾಜ್ಯದ ಜನರಿಗೆ ನೆರವಾಗುತ್ತಿದ್ದೇವೆ. ಬಿಜೆಪಿ ನಾಯಕರು ಜನರನ್ನು ತಪ್ಪು ದಾರಿಗೆ ಎಳೆಯುತ್ತಿದ್ದಾರೆ ಎಂದರು.

ಮೈಸೂರು,ಜ.23(ಎಂಟಿವೈ)- ಕಾಂಗ್ರೆಸ್ ಸರ್ಕಾರದ ಅಭಿವೃದ್ಧಿ ಕಾರ್ಯಗಳನ್ನು ಸಹಿಸದ ಬಿಜೆಪಿ ರಾಜಕೀಯ ಮಾಡುತ್ತಿದೆ ಎಂದು ಅರಣ್ಯ ಸಚಿವ ಈಶ್ವರ್ ಖಂಡ್ರೆ ವಾಗ್ದಾಳಿ ನಡೆಸಿದರು. ನಗರದ ಜಲದರ್ಶಿನಿ ಅತಿಥಿಗೃಹದಲ್ಲಿ ಸುದ್ದಿಗಾರರೊಂದಿಗೆ ಮಾತನಾಡಿದ ಅವರು, ಗ್ಯಾರಂಟಿ ಯೋಜನೆಗಳ ಮೂಲಕ ರಾಜ್ಯದ ಜನರಿಗೆ ನೆರವಾಗುತ್ತಿದ್ದೇವೆ. ಬಿಜೆಪಿ ನಾಯಕರು ಜನರನ್ನು ತಪ್ಪು ದಾರಿಗೆ ಎಳೆಯುತ್ತಿದ್ದಾರೆ ಎಂದರು.

ಅಭಿವೃದ್ಧಿ ಕಾರ್ಯ ನಡೆಸುತ್ತಿದ್ದರೂ ಸಹ ಬಿಜೆಪಿ ರಾಜಕೀಯ ಮಾಡುತ್ತಿದೆ. ಕೇಂದ್ರ ಸರ್ಕಾರ ರಾಜ್ಯಕ್ಕೆ ನ್ಯಾಯಯುತ ಪಾಲು ನೀಡುತ್ತಿಲ್ಲ. ಬರ ಪರಿಹಾರ ಬಿಡುಗಡೆ ಮಾಡಿಲ್ಲ ಎಂದು ಕಿಡಿಕಾರಿದರು. 2018ರಲ್ಲಿ ಅಧಿಕಾರದಲ್ಲಿದ್ದ ಸರ್ಕಾರದ ಸಾಧನೆಗಳನ್ನು ಜನ ಮರೆತಿಲ್ಲ.

ಅಭಿವೃದ್ಧಿ ಕಾರ್ಯ ನಡೆಸುತ್ತಿದ್ದರೂ ಸಹ ಬಿಜೆಪಿ ರಾಜಕೀಯ ಮಾಡುತ್ತಿದೆ. ಕೇಂದ್ರ ಸರ್ಕಾರ ರಾಜ್ಯಕ್ಕೆ ನ್ಯಾಯಯುತ ಪಾಲು ನೀಡುತ್ತಿಲ್ಲ. ಬರ ಪರಿಹಾರ ಬಿಡುಗಡೆ ಮಾಡಿಲ್ಲ ಎಂದು ಕಿಡಿಕಾರಿದರು. 2018ರಲ್ಲಿ ಅಧಿಕಾರದಲ್ಲಿದ್ದ ಸರ್ಕಾರದ ಸಾಧನೆಗಳನ್ನು ಜನ ಮರೆತಿಲ್ಲ.

ಅಭಿವೃದ್ಧಿ ಕಾರ್ಯ ನಡೆಸುತ್ತಿದ್ದರೂ ಸಹ ಬಿಜೆಪಿ ರಾಜಕೀಯ ಮಾಡುತ್ತಿದೆ. ಕೇಂದ್ರ ಸರ್ಕಾರ ರಾಜ್ಯಕ್ಕೆ ನ್ಯಾಯಯುತ ಪಾಲು ನೀಡುತ್ತಿಲ್ಲ. ಬರ ಪರಿಹಾರ ಬಿಡುಗಡೆ ಮಾಡಿಲ್ಲ ಎಂದು ಕಿಡಿಕಾರಿದರು. 2018ರಲ್ಲಿ ಅಧಿಕಾರದಲ್ಲಿದ್ದ ಸರ್ಕಾರದ ಸಾಧನೆಗಳನ್ನು ಜನ ಮರೆತಿಲ್ಲ.

ಮಾಡುತ್ತಿದ್ದಾರೆ ಎಂದು ಟೀಕಿಸಿದರು. ಮೂವರು ಡಿಸಿಎಂ ಹುದ್ದೆ ಸೃಷ್ಟಿ ಕುರಿತು ಪ್ರತಿಕ್ರಿಯಿಸಿದ ಅವರು, ಈ ವಿಚಾರ ಈಗ ಅಪ್ರಸ್ತುತ. ಹೈಕಮಾಂಡ್ ತೀರ್ಮಾನಕ್ಕೆ ಎಲ್ಲರೂ ಬದ್ಧರಾಗಿದ್ದೇವೆ. ಲೋಕಸಭಾ ಚುನಾವಣೆಯಲ್ಲಿ ಹೆಚ್ಚಿನ ಸ್ಥಾನ ಗೆಲ್ಲುವುದು ನಮ್ಮ ಗುರಿ ಎಂದರು.

ಮಾಡುತ್ತಿದ್ದಾರೆ ಎಂದು ಟೀಕಿಸಿದರು. ಮೂವರು ಡಿಸಿಎಂ ಹುದ್ದೆ ಸೃಷ್ಟಿ ಕುರಿತು ಪ್ರತಿಕ್ರಿಯಿಸಿದ ಅವರು, ಈ ವಿಚಾರ ಈಗ ಅಪ್ರಸ್ತುತ. ಹೈಕಮಾಂಡ್ ತೀರ್ಮಾನಕ್ಕೆ ಎಲ್ಲರೂ ಬದ್ಧರಾಗಿದ್ದೇವೆ. ಲೋಕಸಭಾ ಚುನಾವಣೆಯಲ್ಲಿ ಹೆಚ್ಚಿನ ಸ್ಥಾನ ಗೆಲ್ಲುವುದು ನಮ್ಮ ಗುರಿ ಎಂದರು.

ಜತೆ ಬಿಜೆಪಿ ಸರ್ಕಾರ ಸುಮಾರು ನೀಡಿದ್ದ ಭರವಸೆಗಳು ಹುಸಿಯಾಗಿವೆ. ಜನರು ಈ ಬಾರಿ ಕಾಂಗ್ರೆಸ್ ಪರ ನಿಲ್ಲಲಿದ್ದಾರೆ. ಪಕ್ಷದ ಕಾರ್ಯಕರ್ತರು ಒಗ್ಗಟ್ಟಿನಿಂದ ಕೆಲಸ ಮಾಡಬೇಕು ಎಂದು ಕರೆ ನೀಡಿದರು.

ಜತೆ ಬಿಜೆಪಿ ಸರ್ಕಾರ ಸುಮಾರು ನೀಡಿದ್ದ ಭರವಸೆಗಳು ಹುಸಿಯಾಗಿವೆ. ಜನರು ಈ ಬಾರಿ ಕಾಂಗ್ರೆಸ್ ಪರ ನಿಲ್ಲಲಿದ್ದಾರೆ. ಪಕ್ಷದ ಕಾರ್ಯಕರ್ತರು ಒಗ್ಗಟ್ಟಿನಿಂದ ಕೆಲಸ ಮಾಡಬೇಕು ಎಂದು ಕರೆ ನೀಡಿದರು.

ಜತೆ ಬಿಜೆಪಿ ಸರ್ಕಾರ ಸುಮಾರು ನೀಡಿದ್ದ ಭರವಸೆಗಳು ಹುಸಿಯಾಗಿವೆ. ಜನರು ಈ ಬಾರಿ ಕಾಂಗ್ರೆಸ್ ಪರ ನಿಲ್ಲಲಿದ್ದಾರೆ. ಪಕ್ಷದ ಕಾರ್ಯಕರ್ತರು ಒಗ್ಗಟ್ಟಿನಿಂದ ಕೆಲಸ ಮಾಡಬೇಕು ಎಂದು ಕರೆ ನೀಡಿದರು.

ಅಪ್ರಸ್ತುತ: ರಾಜ್ಯದಲ್ಲಿ ಮತ್ತೆ ಮೂವರು ಉಪ ಮುಖ್ಯಮಂತ್ರಿ ಸ್ಥಾನ ಸೃಷ್ಟಿಸುವ ಕುರಿತು ಚರ್ಚೆ ನಡೆಯುತ್ತಿದೆ. ಈ ಕುರಿತು ಪಕ್ಷದ ವೇದಿಕೆಯಲ್ಲಿ ಚರ್ಚಿಸಲಾಗುವುದು ಎಂದರು. ಸುದ್ದಿಗೋಷ್ಠಿಯಲ್ಲಿ ಶಾಸಕರು ಹಾಗೂ ಮುಖಂಡರು ಇದ್ದರು.

ಅಪ್ರಸ್ತುತ: ರಾಜ್ಯದಲ್ಲಿ ಮತ್ತೆ ಮೂವರು ಉಪ ಮುಖ್ಯಮಂತ್ರಿ ಸ್ಥಾನ ಸೃಷ್ಟಿಸುವ ಕುರಿತು ಚರ್ಚೆ ನಡೆಯುತ್ತಿದೆ. ಈ ಕುರಿತು ಪಕ್ಷದ ವೇದಿಕೆಯಲ್ಲಿ ಚರ್ಚಿಸಲಾಗುವುದು ಎಂದರು. ಸುದ್ದಿಗೋಷ್ಠಿಯಲ್ಲಿ ಶಾಸಕರು ಹಾಗೂ ಮುಖಂಡರು ಇದ್ದರು.

ಅಪ್ರಸ್ತುತ: ರಾಜ್ಯದಲ್ಲಿ ಮತ್ತೆ ಮೂವರು ಉಪ ಮುಖ್ಯಮಂತ್ರಿ ಸ್ಥಾನ ಸೃಷ್ಟಿಸುವ ಕುರಿತು ಚರ್ಚೆ ನಡೆಯುತ್ತಿದೆ. ಈ ಕುರಿತು ಪಕ್ಷದ ವೇದಿಕೆಯಲ್ಲಿ ಚರ್ಚಿಸಲಾಗುವುದು ಎಂದರು. ಸುದ್ದಿಗೋಷ್ಠಿಯಲ್ಲಿ ಶಾಸಕರು ಹಾಗೂ ಮುಖಂಡರು ಇದ್ದರು.
